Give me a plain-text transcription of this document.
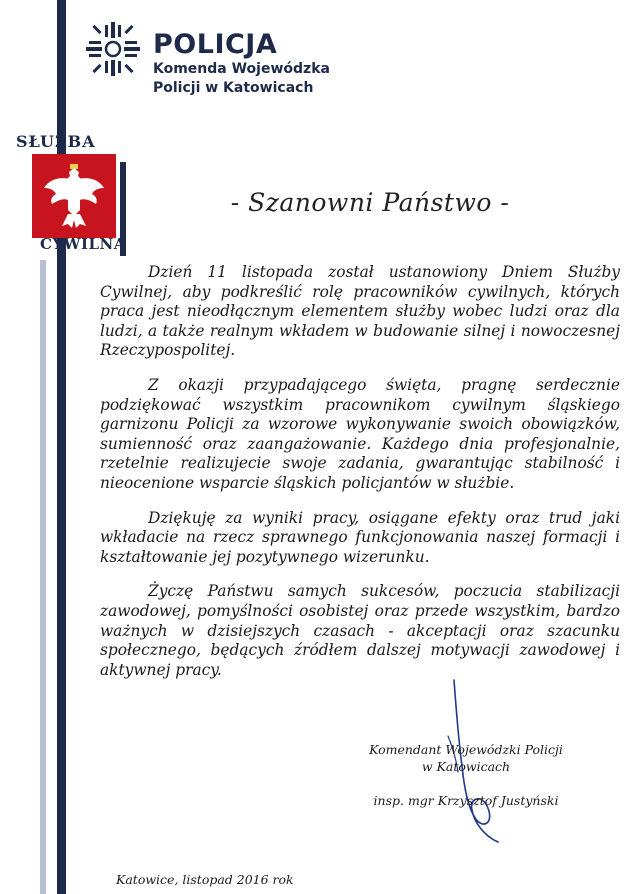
POLICJA
Komenda Wojewódzka
Policji w Katowicach
SŁUŻBA
CYWILNA
- Szanowni Państwo -

Dzień 11 listopada został ustanowiony Dniem Służby Cywilnej, aby podkreślić rolę pracowników cywilnych, których praca jest nieodłącznym elementem służby wobec ludzi oraz dla ludzi, a także realnym wkładem w budowanie silnej i nowoczesnej Rzeczypospolitej.

Z okazji przypadającego święta, pragnę serdecznie podziękować wszystkim pracownikom cywilnym śląskiego garnizonu Policji za wzorowe wykonywanie swoich obowiązków, sumienność oraz zaangażowanie. Każdego dnia profesjonalnie, rzetelnie realizujecie swoje zadania, gwarantując stabilność i nieocenione wsparcie śląskich policjantów w służbie.

Dziękuję za wyniki pracy, osiągane efekty oraz trud jaki wkładacie na rzecz sprawnego funkcjonowania naszej formacji i kształtowanie jej pozytywnego wizerunku.

Życzę Państwu samych sukcesów, poczucia stabilizacji zawodowej, pomyślności osobistej oraz przede wszystkim, bardzo ważnych w dzisiejszych czasach - akceptacji oraz szacunku społecznego, będących źródłem dalszej motywacji zawodowej i aktywnej pracy.

Komendant Wojewódzki Policji
w Katowicach
insp. mgr Krzysztof Justyński
Katowice, listopad 2016 rok
